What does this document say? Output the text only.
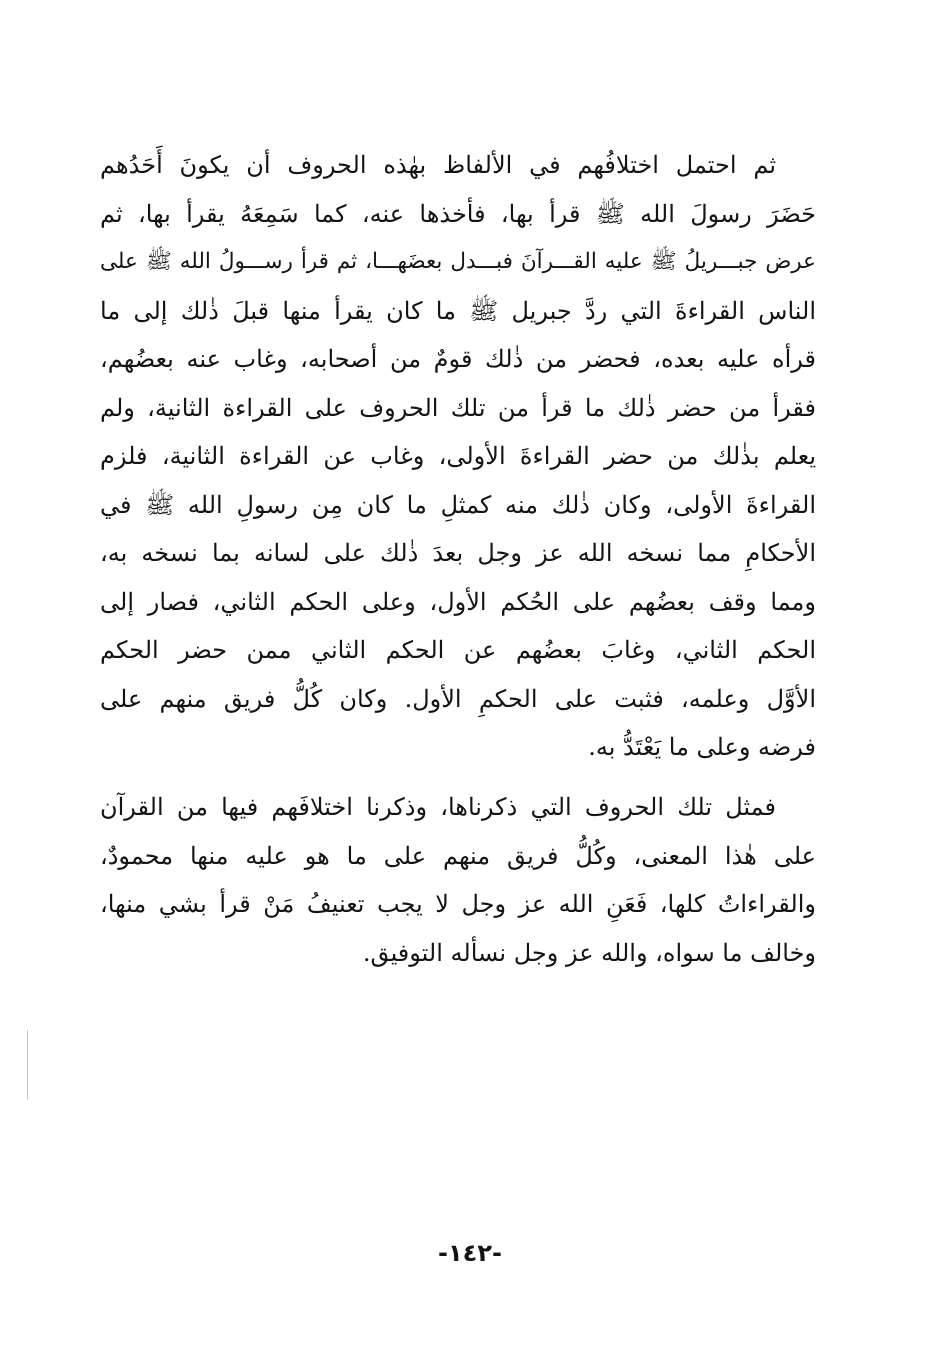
ثم احتمل اختلافُهم في الألفاظ بهٰذه الحروف أن يكونَ أَحَدُهم
حَضَرَ رسولَ الله ﷺ قرأ بها، فأخذها عنه، كما سَمِعَهُ يقرأ بها، ثم
عرض جبـــريلُ ﷺ عليه القـــرآنَ فبـــدل بعضَهـــا، ثم قرأ رســـولُ الله ﷺ على
الناس القراءةَ التي ردَّ جبريل ﷺ ما كان يقرأ منها قبلَ ذٰلك إلى ما
قرأه عليه بعده، فحضر من ذٰلك قومٌ من أصحابه، وغاب عنه بعضُهم،
فقرأ من حضر ذٰلك ما قرأ من تلك الحروف على القراءة الثانية، ولم
يعلم بذٰلك من حضر القراءةَ الأولى، وغاب عن القراءة الثانية، فلزم
القراءةَ الأولى، وكان ذٰلك منه كمثلِ ما كان مِن رسولِ الله ﷺ في
الأحكامِ مما نسخه الله عز وجل بعدَ ذٰلك على لسانه بما نسخه به،
ومما وقف بعضُهم على الحُكم الأول، وعلى الحكم الثاني، فصار إلى
الحكم الثاني، وغابَ بعضُهم عن الحكم الثاني ممن حضر الحكم
الأوَّل وعلمه، فثبت على الحكمِ الأول. وكان كُلُّ فريق منهم على
فرضه وعلى ما يَعْتَدُّ به.
فمثل تلك الحروف التي ذكرناها، وذكرنا اختلافَهم فيها من القرآن
على هٰذا المعنى، وكُلُّ فريق منهم على ما هو عليه منها محمودٌ،
والقراءاتُ كلها، فَعَنِ الله عز وجل لا يجب تعنيفُ مَنْ قرأ بشي منها،
وخالف ما سواه، والله عز وجل نسأله التوفيق.
-١٤٢-
